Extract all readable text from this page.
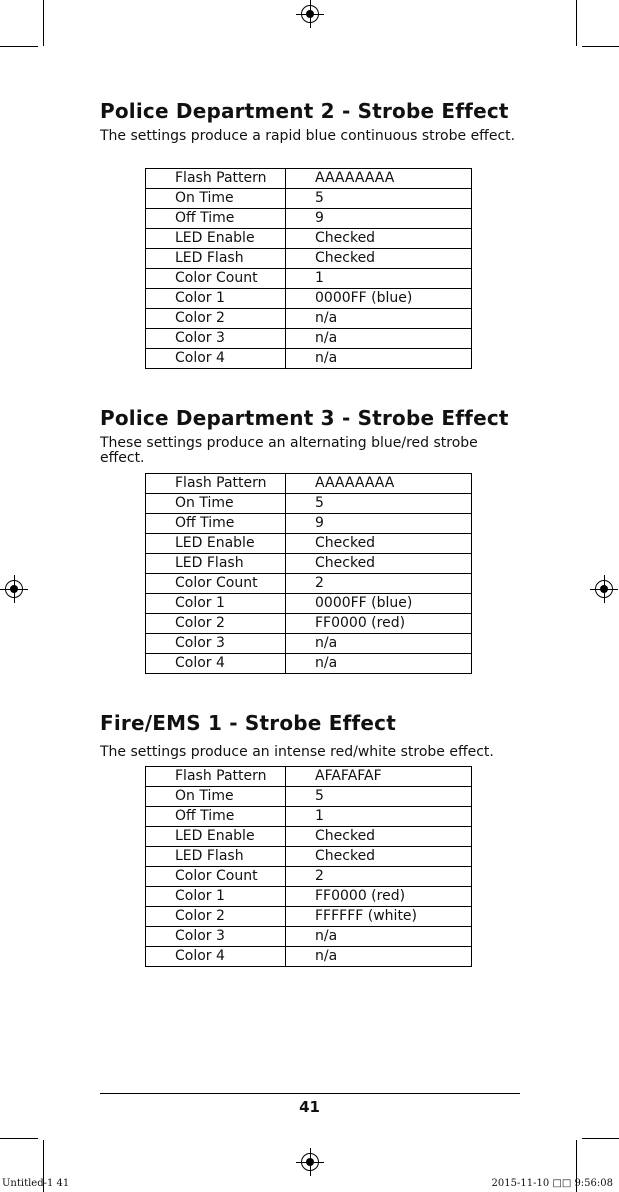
Police Department 2 - Strobe Effect

The settings produce a rapid blue continuous strobe effect.

Flash Pattern	AAAAAAAA
On Time	5
Off Time	9
LED Enable	Checked
LED Flash	Checked
Color Count	1
Color 1	0000FF (blue)
Color 2	n/a
Color 3	n/a
Color 4	n/a
Police Department 3 - Strobe Effect

These settings produce an alternating blue/red strobe effect.

Flash Pattern	AAAAAAAA
On Time	5
Off Time	9
LED Enable	Checked
LED Flash	Checked
Color Count	2
Color 1	0000FF (blue)
Color 2	FF0000 (red)
Color 3	n/a
Color 4	n/a
Fire/EMS 1 - Strobe Effect

The settings produce an intense red/white strobe effect.

Flash Pattern	AFAFAFAF
On Time	5
Off Time	1
LED Enable	Checked
LED Flash	Checked
Color Count	2
Color 1	FF0000 (red)
Color 2	FFFFFF (white)
Color 3	n/a
Color 4	n/a
41
Untitled-1 41	2015-11-10 □□ 9:56:08
